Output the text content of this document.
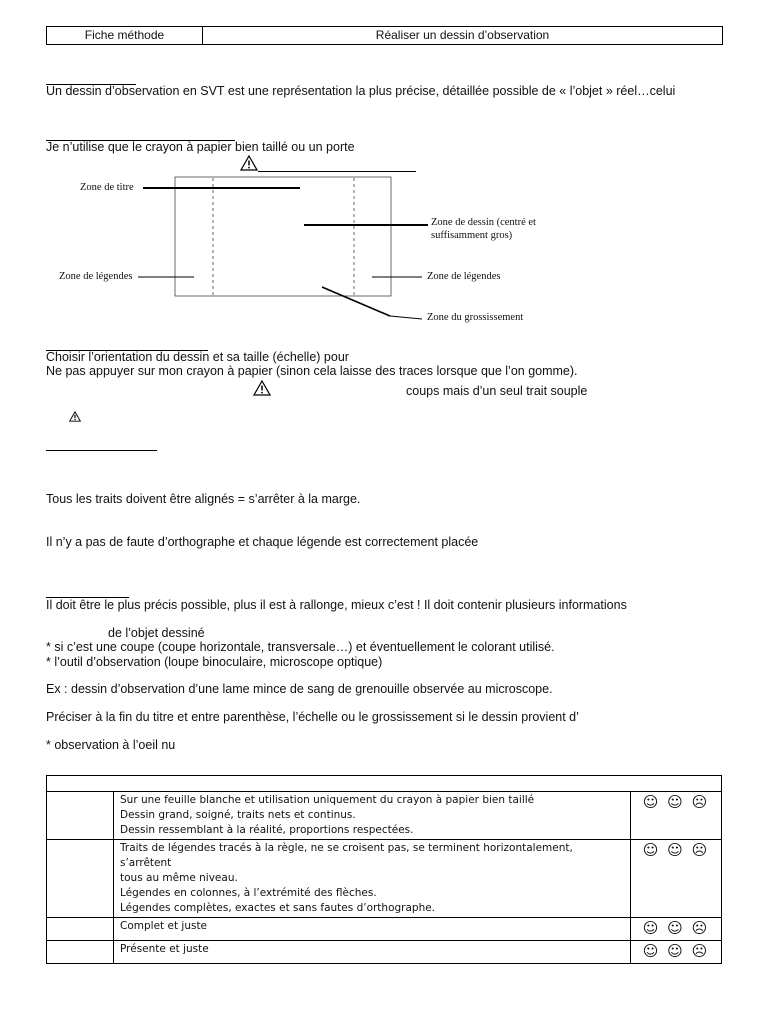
Fiche méthode	Réaliser un dessin d’observation
Un dessin d’observation en SVT est une représentation la plus précise, détaillée possible de « l’objet » réel…celui
Je n’utilise que le crayon à papier bien taillé ou un porte
Zone de titre
Zone de dessin (centré et
suffisamment gros)
Zone de légendes	Zone de légendes
Zone du grossissement
Choisir l’orientation du dessin et sa taille (échelle) pour
Ne pas appuyer sur mon crayon à papier (sinon cela laisse des traces lorsque que l’on gomme).
coups mais d’un seul trait souple
Tous les traits doivent être alignés = s’arrêter à la marge.
Il n’y a pas de faute d’orthographe et chaque légende est correctement placée
Il doit être le plus précis possible, plus il est à rallonge, mieux c’est ! Il doit contenir plusieurs informations
de l’objet dessiné
* si c’est une coupe (coupe horizontale, transversale…) et éventuellement le colorant utilisé.
* l’outil d’observation (loupe binoculaire, microscope optique)
Ex : dessin d’observation d’une lame mince de sang de grenouille observée au microscope.
Préciser à la fin du titre et entre parenthèse, l’échelle ou le grossissement si le dessin provient d’
* observation à l’oeil nu

	Sur une feuille blanche et utilisation uniquement du crayon à papier bien taillé

Dessin grand, soigné, traits nets et continus.

Dessin ressemblant à la réalité, proportions respectées.	☺ ☺ ☹

	Traits de légendes tracés à la règle, ne se croisent pas, se terminent horizontalement, s’arrêtent

tous au même niveau.

Légendes en colonnes, à l’extrémité des flèches.

Légendes complètes, exactes et sans fautes d’orthographe.	☺ ☺ ☹

	Complet et juste	☺ ☺ ☹

	Présente et juste	☺ ☺ ☹
